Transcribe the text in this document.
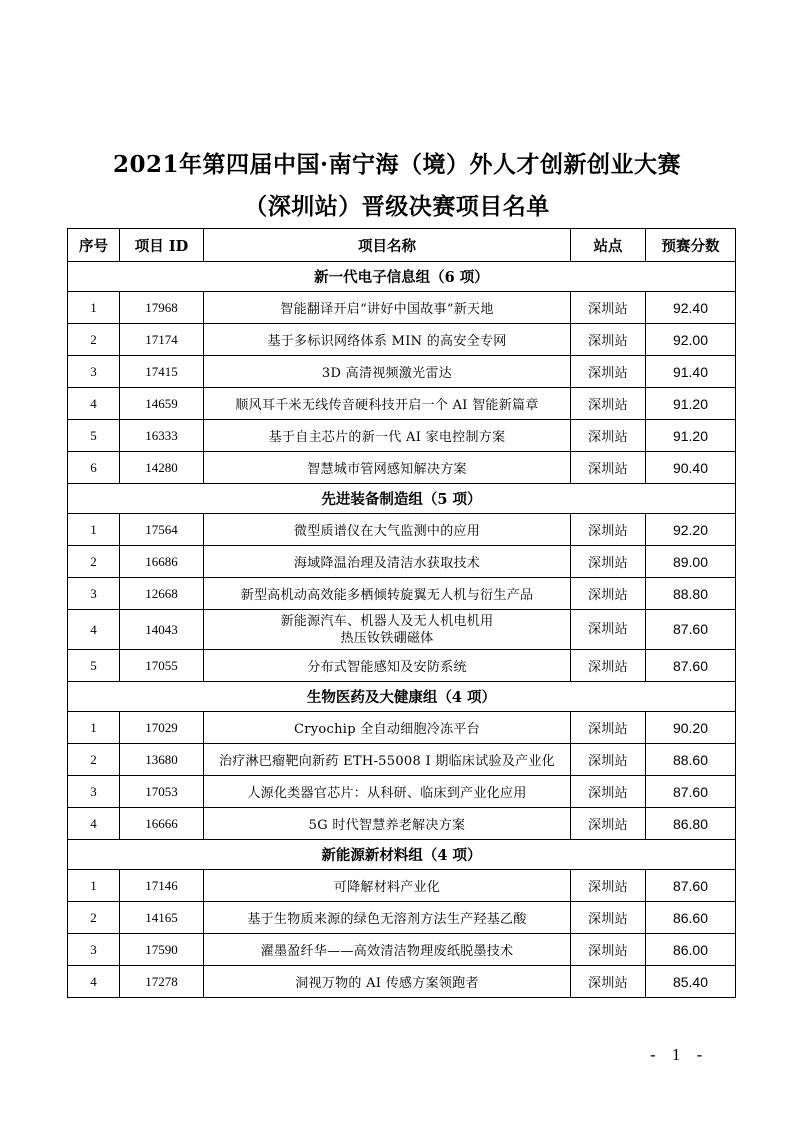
2021年第四届中国·南宁海（境）外人才创新创业大赛
（深圳站）晋级决赛项目名单
序号	项目 ID	项目名称	站点	预赛分数
新一代电子信息组（6 项）				
1	17968	智能翻译开启“讲好中国故事”新天地	深圳站	92.40
2	17174	基于多标识网络体系 MIN 的高安全专网	深圳站	92.00
3	17415	3D 高清视频激光雷达	深圳站	91.40
4	14659	顺风耳千米无线传音硬科技开启一个 AI 智能新篇章	深圳站	91.20
5	16333	基于自主芯片的新一代 AI 家电控制方案	深圳站	91.20
6	14280	智慧城市管网感知解决方案	深圳站	90.40
先进装备制造组（5 项）				
1	17564	微型质谱仪在大气监测中的应用	深圳站	92.20
2	16686	海域降温治理及清洁水获取技术	深圳站	89.00
3	12668	新型高机动高效能多栖倾转旋翼无人机与衍生产品	深圳站	88.80
4	14043	新能源汽车、机器人及无人机电机用
热压钕铁硼磁体	深圳站	87.60
5	17055	分布式智能感知及安防系统	深圳站	87.60
生物医药及大健康组（4 项）				
1	17029	Cryochip 全自动细胞冷冻平台	深圳站	90.20
2	13680	治疗淋巴瘤靶向新药 ETH-55008 I 期临床试验及产业化	深圳站	88.60
3	17053	人源化类器官芯片：从科研、临床到产业化应用	深圳站	87.60
4	16666	5G 时代智慧养老解决方案	深圳站	86.80
新能源新材料组（4 项）				
1	17146	可降解材料产业化	深圳站	87.60
2	14165	基于生物质来源的绿色无溶剂方法生产羟基乙酸	深圳站	86.60
3	17590	濯墨盈纤华——高效清洁物理废纸脱墨技术	深圳站	86.00
4	17278	洞视万物的 AI 传感方案领跑者	深圳站	85.40
- 1 -
